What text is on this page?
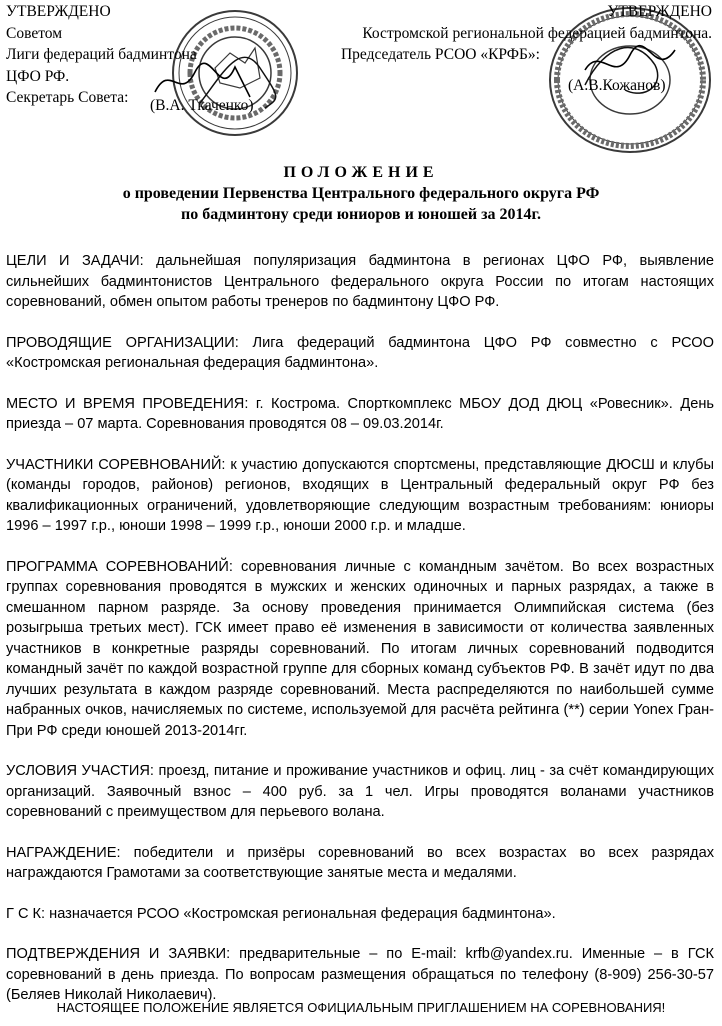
УТВЕРЖДЕНО
Советом
Лиги федераций бадминтона
ЦФО РФ.
Секретарь Совета:	(В.А. Ткаченко)
УТВЕРЖДЕНО
Костромской региональной федерацией бадминтона.
Председатель РСОО «КРФБ»:
(А.В.Кожанов)
ПОЛОЖЕНИЕ
о проведении Первенства Центрального федерального округа РФ
по бадминтону среди юниоров и юношей за 2014г.

ЦЕЛИ И ЗАДАЧИ: дальнейшая популяризация бадминтона в регионах ЦФО РФ, выявление сильнейших бадминтонистов Центрального федерального округа России по итогам настоящих соревнований, обмен опытом работы тренеров по бадминтону ЦФО РФ.

ПРОВОДЯЩИЕ ОРГАНИЗАЦИИ: Лига федераций бадминтона ЦФО РФ совместно с РСОО «Костромская региональная федерация бадминтона».

МЕСТО И ВРЕМЯ ПРОВЕДЕНИЯ: г. Кострома. Спорткомплекс МБОУ ДОД ДЮЦ «Ровесник». День приезда – 07 марта. Соревнования проводятся 08 – 09.03.2014г.

УЧАСТНИКИ СОРЕВНОВАНИЙ: к участию допускаются спортсмены, представляющие ДЮСШ и клубы (команды городов, районов) регионов, входящих в Центральный федеральный округ РФ без квалификационных ограничений, удовлетворяющие следующим возрастным требованиям: юниоры 1996 – 1997 г.р., юноши 1998 – 1999 г.р., юноши 2000 г.р. и младше.

ПРОГРАММА СОРЕВНОВАНИЙ: соревнования личные с командным зачётом. Во всех возрастных группах соревнования проводятся в мужских и женских одиночных и парных разрядах, а также в смешанном парном разряде. За основу проведения принимается Олимпийская система (без розыгрыша третьих мест). ГСК имеет право её изменения в зависимости от количества заявленных участников в конкретные разряды соревнований. По итогам личных соревнований подводится командный зачёт по каждой возрастной группе для сборных команд субъектов РФ. В зачёт идут по два лучших результата в каждом разряде соревнований. Места распределяются по наибольшей сумме набранных очков, начисляемых по системе, используемой для расчёта рейтинга (**) серии Yonex Гран-При РФ среди юношей 2013-2014гг.

УСЛОВИЯ УЧАСТИЯ: проезд, питание и проживание участников и офиц. лиц - за счёт командирующих организаций. Заявочный взнос – 400 руб. за 1 чел. Игры проводятся воланами участников соревнований с преимуществом для перьевого волана.

НАГРАЖДЕНИЕ: победители и призёры соревнований во всех возрастах во всех разрядах награждаются Грамотами за соответствующие занятые места и медалями.

Г С К: назначается РСОО «Костромская региональная федерация бадминтона».

ПОДТВЕРЖДЕНИЯ И ЗАЯВКИ: предварительные – по E-mail: krfb@yandex.ru. Именные – в ГСК соревнований в день приезда. По вопросам размещения обращаться по телефону (8-909) 256-30-57 (Беляев Николай Николаевич).

НАСТОЯЩЕЕ ПОЛОЖЕНИЕ ЯВЛЯЕТСЯ ОФИЦИАЛЬНЫМ ПРИГЛАШЕНИЕМ НА СОРЕВНОВАНИЯ!
